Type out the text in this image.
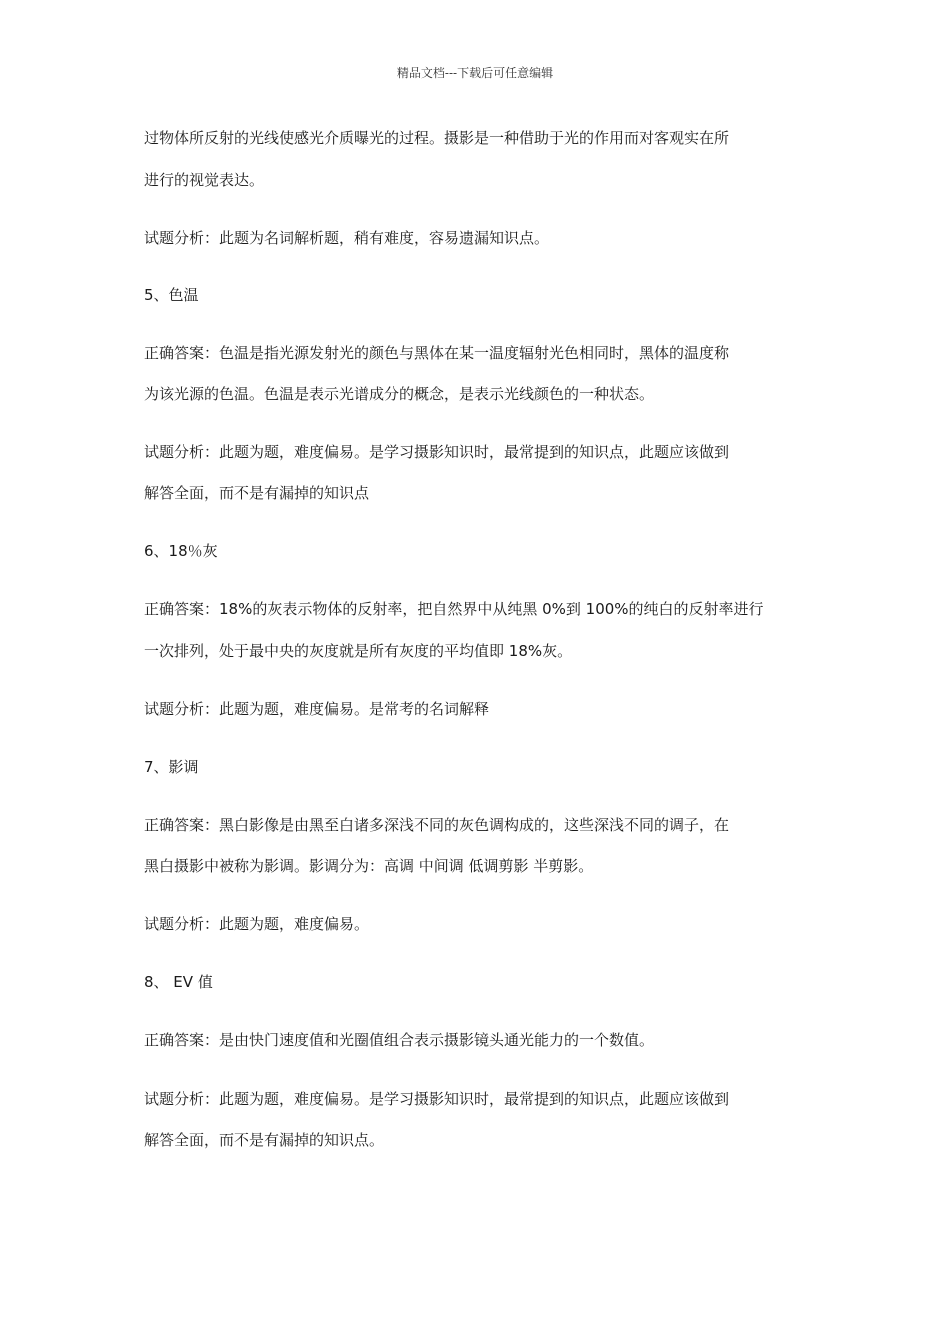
精品文档---下载后可任意编辑
过物体所反射的光线使感光介质曝光的过程。摄影是一种借助于光的作用而对客观实在所
进行的视觉表达。
试题分析：此题为名词解析题，稍有难度，容易遗漏知识点。
5、色温
正确答案：色温是指光源发射光的颜色与黑体在某一温度辐射光色相同时，黑体的温度称
为该光源的色温。色温是表示光谱成分的概念，是表示光线颜色的一种状态。
试题分析：此题为题，难度偏易。是学习摄影知识时，最常提到的知识点，此题应该做到
解答全面，而不是有漏掉的知识点
6、18％灰
正确答案：18%的灰表示物体的反射率，把自然界中从纯黑 0%到 100%的纯白的反射率进行
一次排列，处于最中央的灰度就是所有灰度的平均值即 18%灰。
试题分析：此题为题，难度偏易。是常考的名词解释
7、影调
正确答案：黑白影像是由黑至白诸多深浅不同的灰色调构成的，这些深浅不同的调子，在
黑白摄影中被称为影调。影调分为：高调 中间调 低调剪影 半剪影。
试题分析：此题为题，难度偏易。
8、 EV 值
正确答案：是由快门速度值和光圈值组合表示摄影镜头通光能力的一个数值。
试题分析：此题为题，难度偏易。是学习摄影知识时，最常提到的知识点，此题应该做到
解答全面，而不是有漏掉的知识点。
